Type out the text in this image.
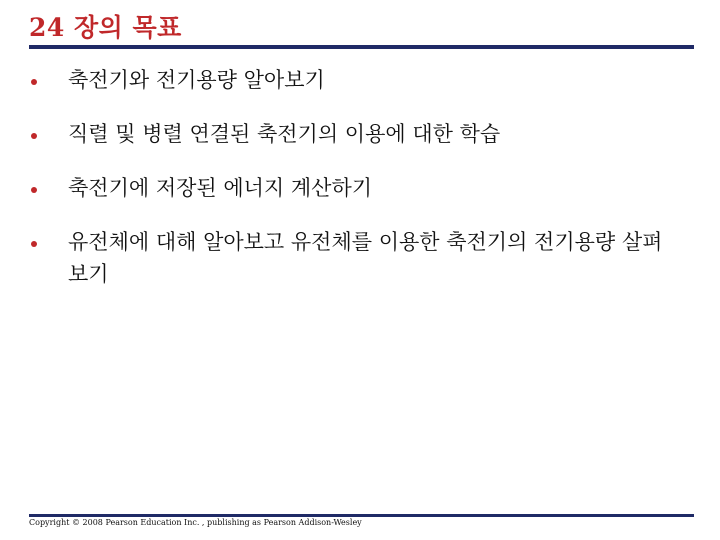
24 장의 목표
축전기와 전기용량 알아보기
직렬 및 병렬 연결된 축전기의 이용에 대한 학습
축전기에 저장된 에너지 계산하기
유전체에 대해 알아보고 유전체를 이용한 축전기의 전기용량 살펴보기
Copyright © 2008 Pearson Education Inc. , publishing as Pearson Addison-Wesley
